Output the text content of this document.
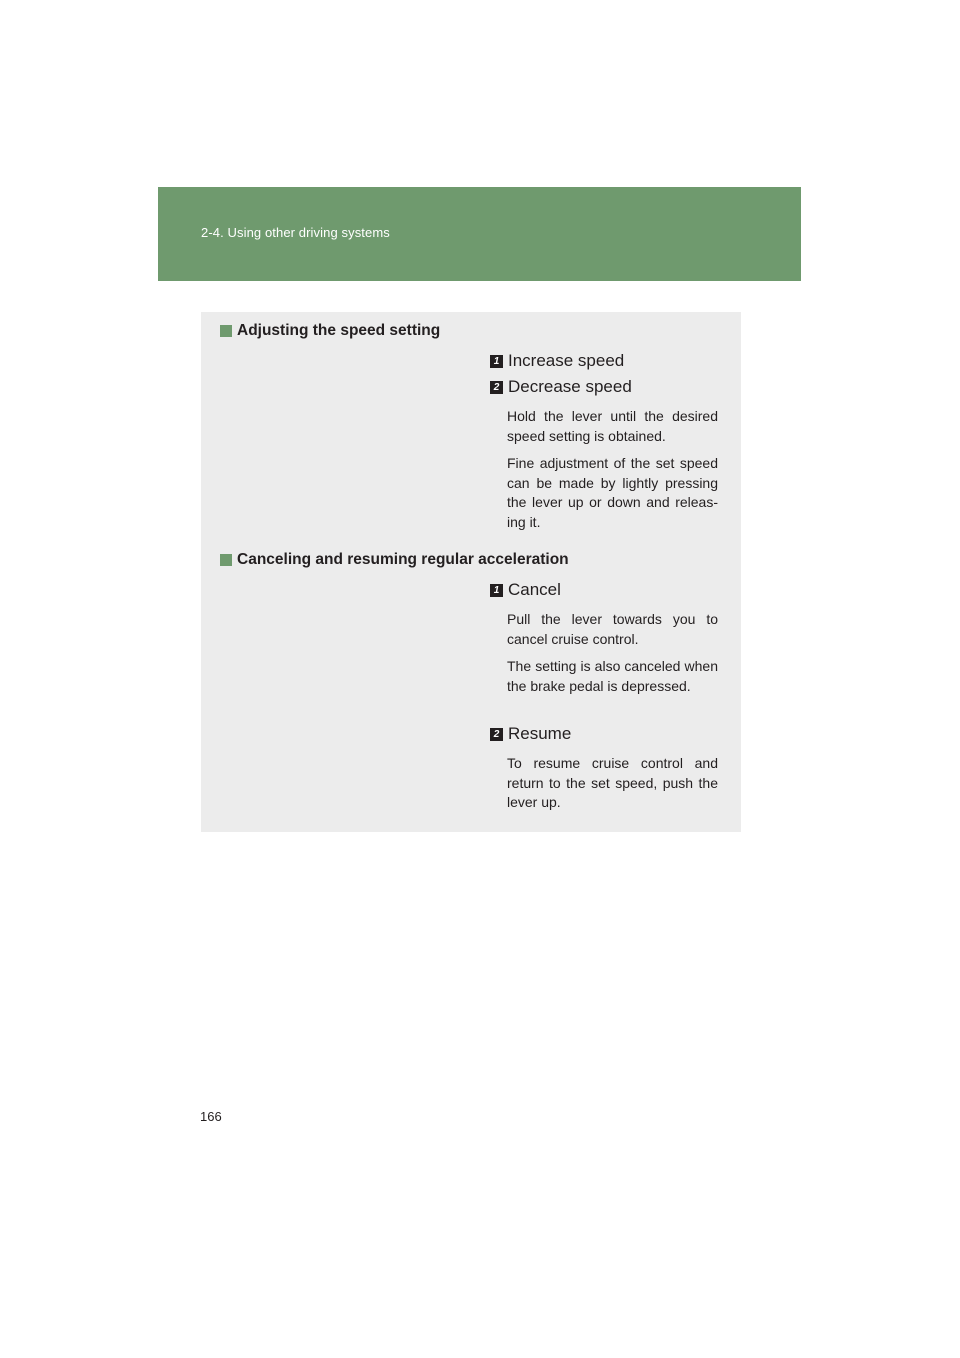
2-4. Using other driving systems
Adjusting the speed setting
1 Increase speed
2 Decrease speed

Hold the lever until the desired speed setting is obtained.

Fine adjustment of the set speed can be made by lightly pressing the lever up or down and releas-ing it.

Canceling and resuming regular acceleration
1 Cancel

Pull the lever towards you to cancel cruise control.

The setting is also canceled when the brake pedal is depressed.

2 Resume

To resume cruise control and return to the set speed, push the lever up.

166
